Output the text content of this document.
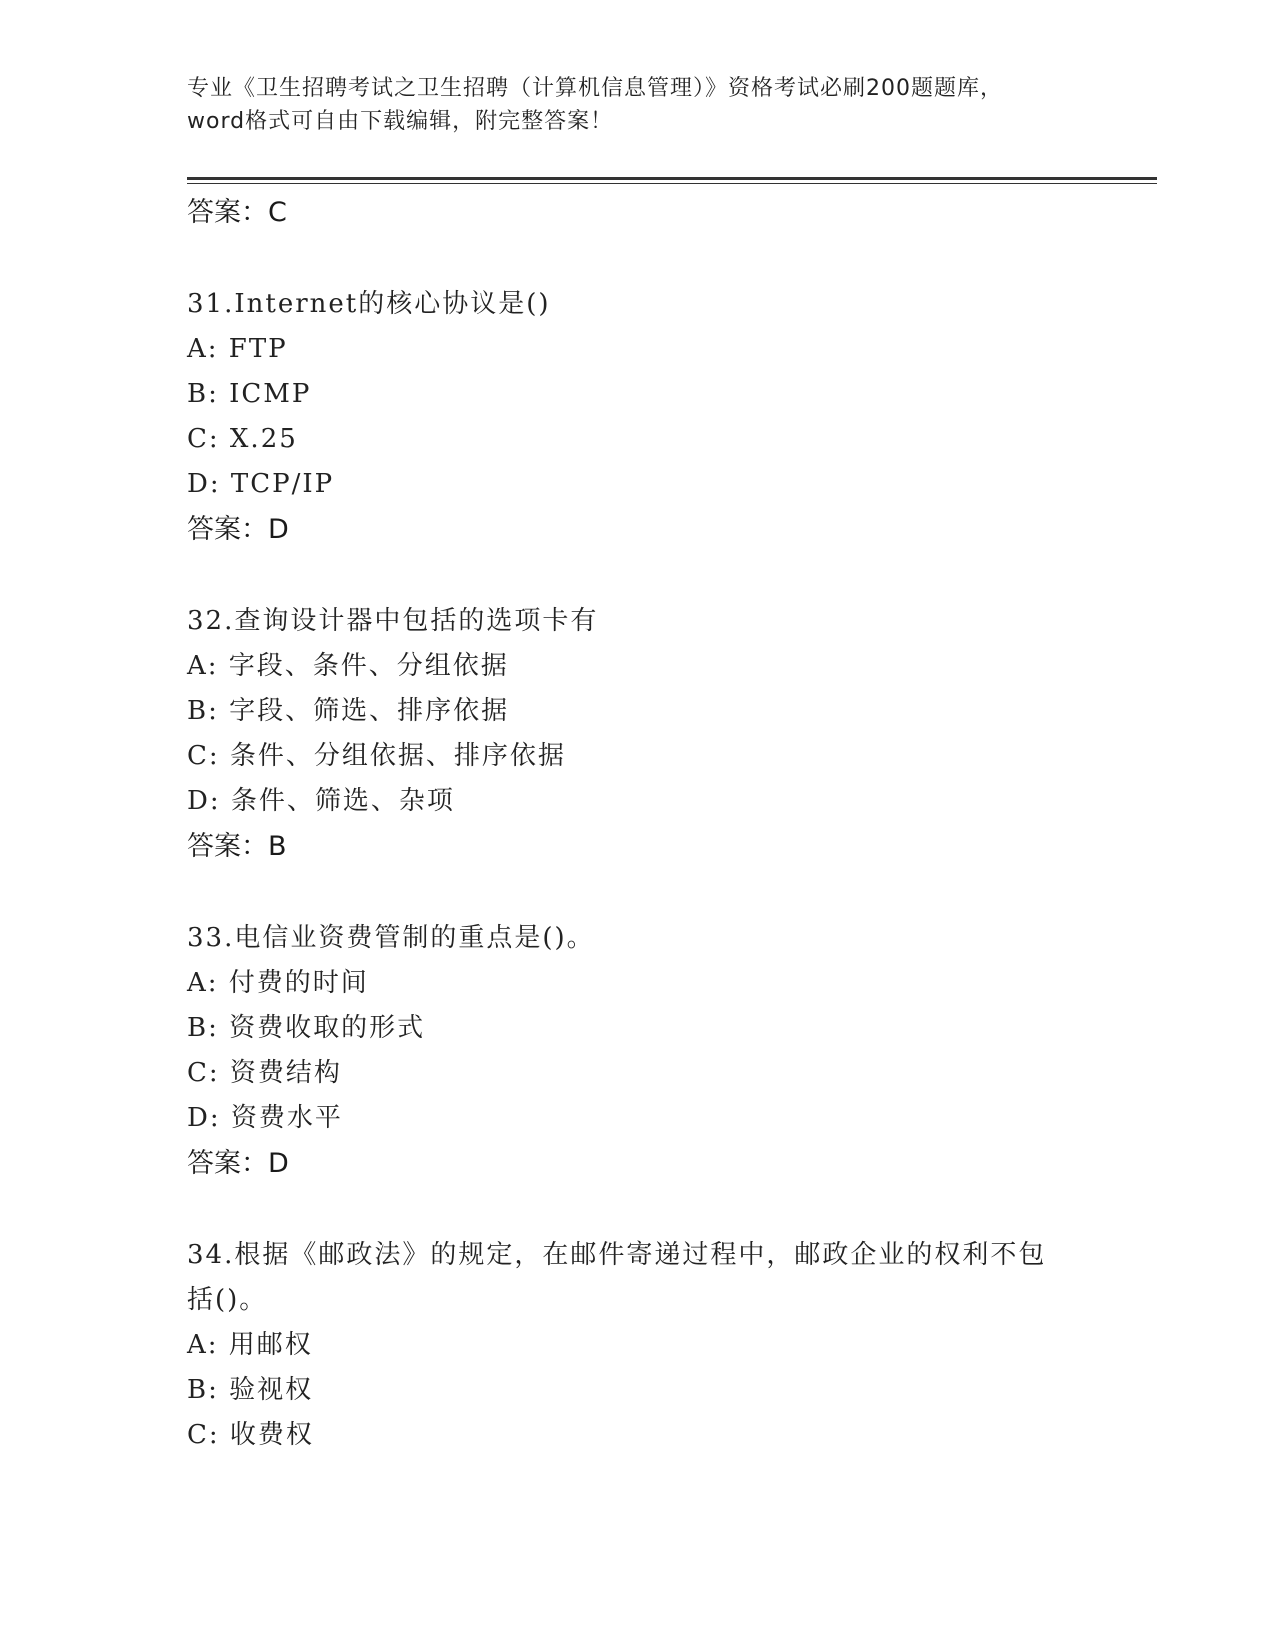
专业《卫生招聘考试之卫生招聘（计算机信息管理）》资格考试必刷200题题库，
word格式可自由下载编辑，附完整答案！
答案：C
31.Internet的核心协议是()
A: FTP
B: ICMP
C: X.25
D: TCP/IP
答案：D
32.查询设计器中包括的选项卡有
A: 字段、条件、分组依据
B: 字段、筛选、排序依据
C: 条件、分组依据、排序依据
D: 条件、筛选、杂项
答案：B
33.电信业资费管制的重点是()。
A: 付费的时间
B: 资费收取的形式
C: 资费结构
D: 资费水平
答案：D
34.根据《邮政法》的规定，在邮件寄递过程中，邮政企业的权利不包
括()。
A: 用邮权
B: 验视权
C: 收费权
